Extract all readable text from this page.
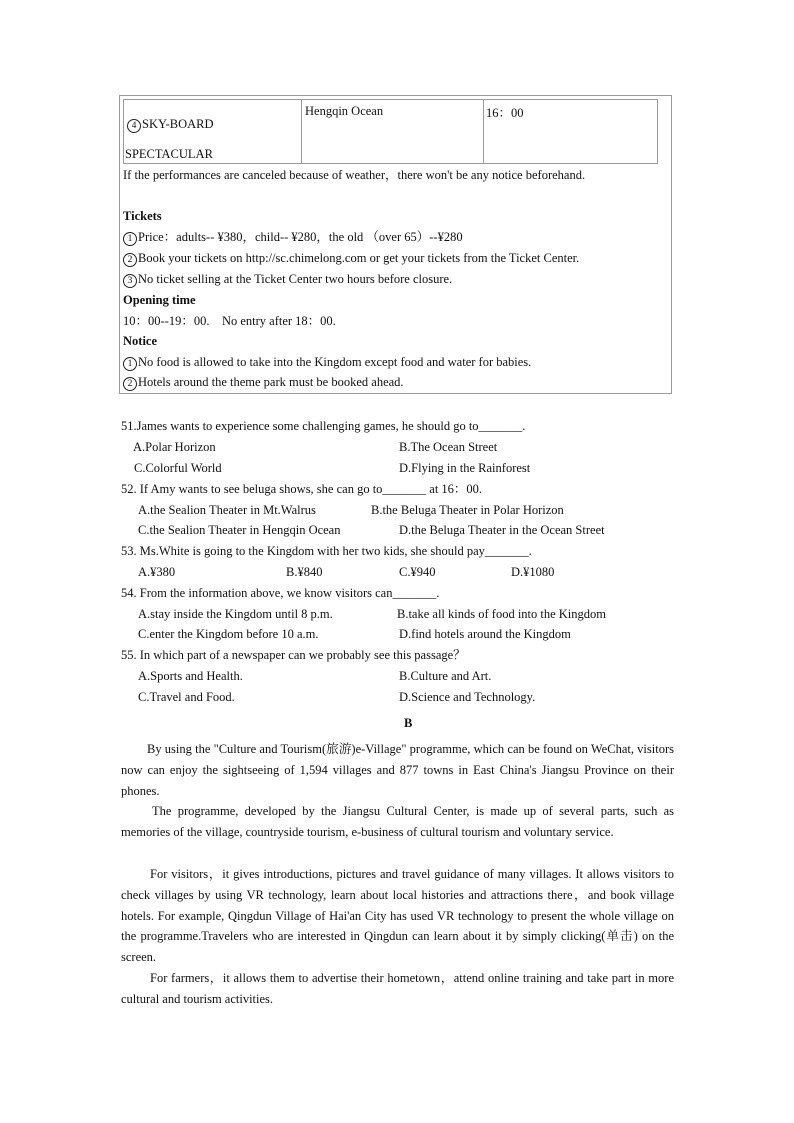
4 SKY-BOARD
SPECTACULAR
Hengqin Ocean	16：00
If the performances are canceled because of weather，there won't be any notice beforehand.
Tickets
1 Price：adults-- ¥380，child-- ¥280，the old （over 65）--¥280
2 Book your tickets on http://sc.chimelong.com or get your tickets from the Ticket Center.
3 No ticket selling at the Ticket Center two hours before closure.
Opening time
10：00--19：00.    No entry after 18：00.
Notice
1 No food is allowed to take into the Kingdom except food and water for babies.
2 Hotels around the theme park must be booked ahead.
51.James wants to experience some challenging games, he should go to_______.
A.Polar Horizon	B.The Ocean Street
C.Colorful World	D.Flying in the Rainforest
52. If Amy wants to see beluga shows, she can go to_______ at 16：00.
A.the Sealion Theater in Mt.Walrus	B.the Beluga Theater in Polar Horizon
C.the Sealion Theater in Hengqin Ocean	D.the Beluga Theater in the Ocean Street
53. Ms.White is going to the Kingdom with her two kids, she should pay_______.
A.¥380	B.¥840	C.¥940	D.¥1080
54. From the information above, we know visitors can_______.
A.stay inside the Kingdom until 8 p.m.	B.take all kinds of food into the Kingdom
C.enter the Kingdom before 10 a.m.	D.find hotels around the Kingdom
55. In which part of a newspaper can we probably see this passage？
A.Sports and Health.	B.Culture and Art.
C.Travel and Food.	D.Science and Technology.
B
By using the "Culture and Tourism(旅游)e-Village" programme, which can be found on WeChat, visitors now can enjoy the sightseeing of 1,594 villages and 877 towns in East China's Jiangsu Province on their phones.
The programme, developed by the Jiangsu Cultural Center, is made up of several parts, such as memories of the village, countryside tourism, e-business of cultural tourism and voluntary service.
For visitors，it gives introductions, pictures and travel guidance of many villages. It allows visitors to check villages by using VR technology, learn about local histories and attractions there，and book village hotels. For example, Qingdun Village of Hai'an City has used VR technology to present the whole village on the programme.Travelers who are interested in Qingdun can learn about it by simply clicking(单击) on the screen.
For farmers，it allows them to advertise their hometown，attend online training and take part in more cultural and tourism activities.
